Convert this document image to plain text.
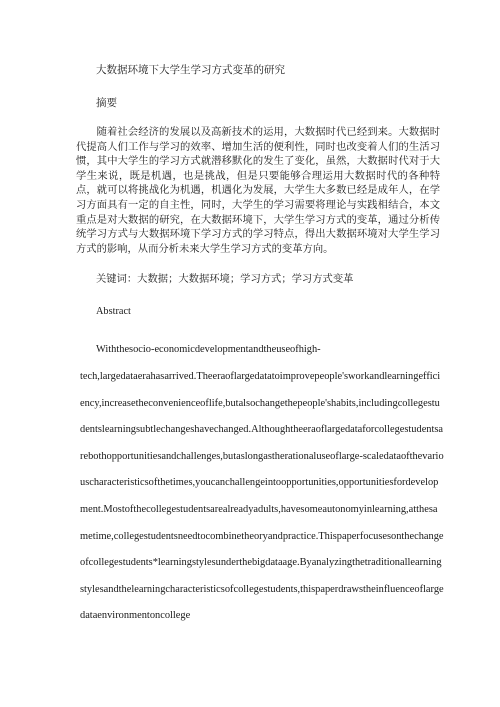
大数据环境下大学生学习方式变革的研究

摘要

随着社会经济的发展以及高新技术的运用，大数据时代已经到来。大数据时代提高人们工作与学习的效率、增加生活的便利性，同时也改变着人们的生活习惯，其中大学生的学习方式就潜移默化的发生了变化，虽然，大数据时代对于大学生来说，既是机遇，也是挑战，但是只要能够合理运用大数据时代的各种特点，就可以将挑战化为机遇，机遇化为发展，大学生大多数已经是成年人，在学习方面具有一定的自主性，同时，大学生的学习需要将理论与实践相结合，本文重点是对大数据的研究，在大数据环境下，大学生学习方式的变革，通过分析传统学习方式与大数据环境下学习方式的学习特点，得出大数据环境对大学生学习方式的影响，从而分析未来大学生学习方式的变革方向。

关键词：大数据；大数据环境；学习方式；学习方式变革

Abstract

Withthesocio-economicdevelopmentandtheuseofhigh-
tech,largedataerahasarrived.Theeraoflargedatatoimprovepeople'sworkandlearningefficiency,increasetheconvenienceoflife,butalsochangethepeople'shabits,includingcollegestudentslearningsubtlechangeshavechanged.Althoughtheeraoflargedataforcollegestudentsarebothopportunitiesandchallenges,butaslongastherationaluseoflarge-scaledataofthevariouscharacteristicsofthetimes,youcanchallengeintoopportunities,opportunitiesfordevelopment.Mostofthecollegestudentsarealreadyadults,havesomeautonomyinlearning,atthesametime,collegestudentsneedtocombinetheoryandpractice.Thispaperfocusesonthechangeofcollegestudents*learningstylesunderthebigdataage.Byanalyzingthetraditionallearningstylesandthelearningcharacteristicsofcollegestudents,thispaperdrawstheinfluenceoflargedataenvironmentoncollege
